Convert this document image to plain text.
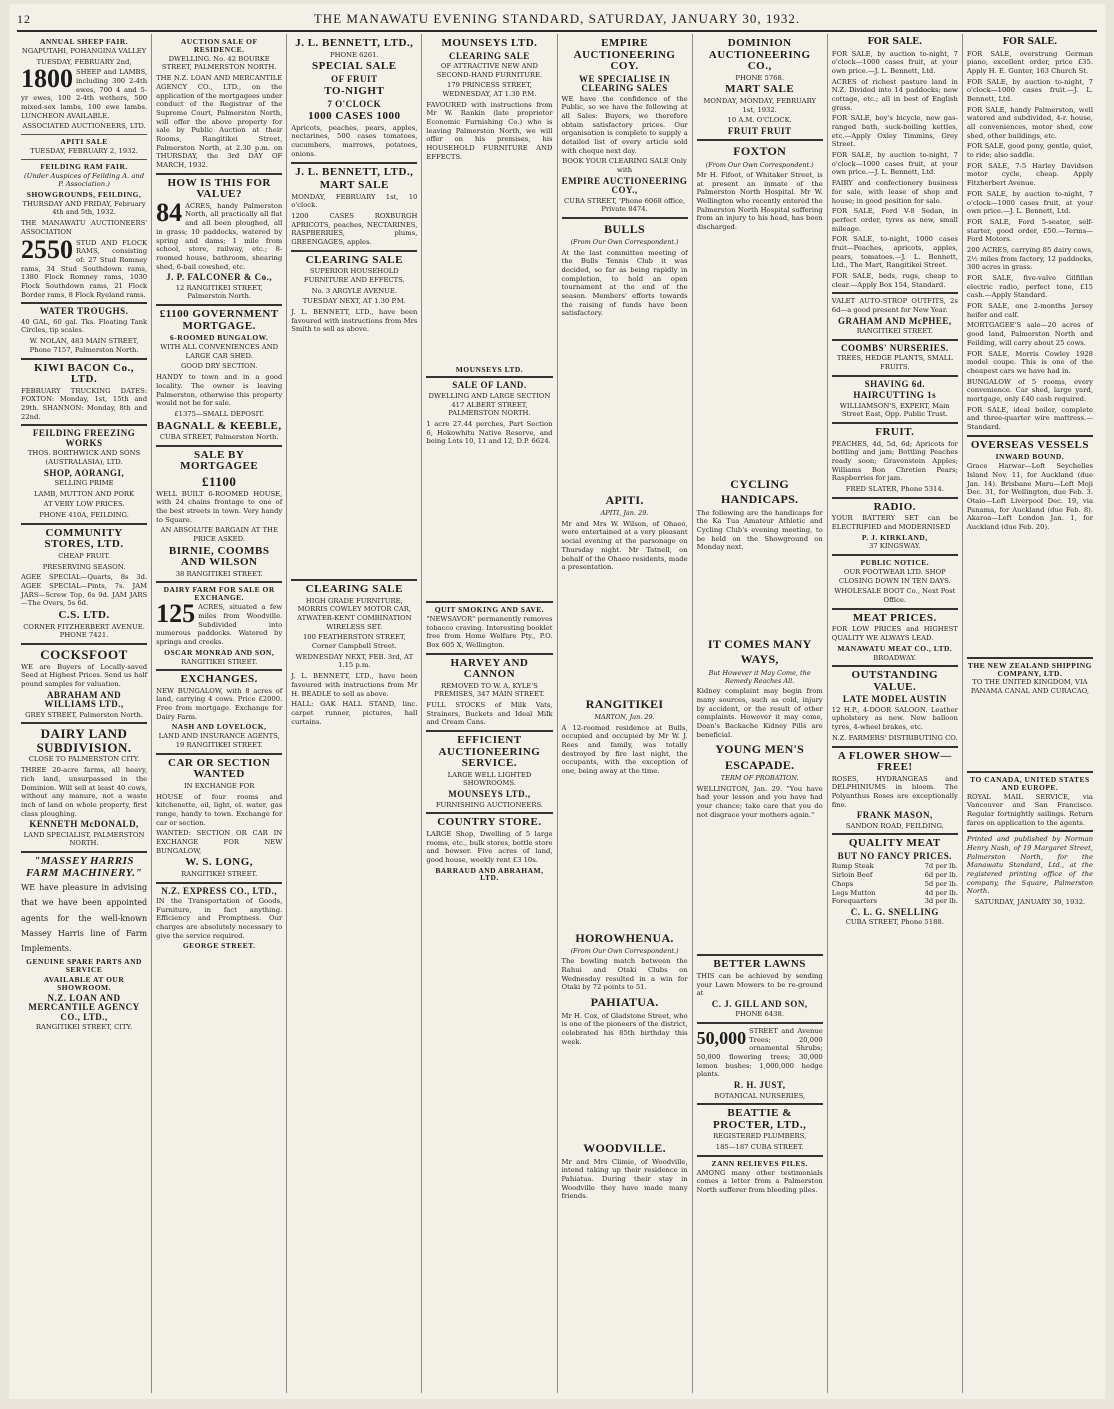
12	THE MANAWATU EVENING STANDARD, SATURDAY, JANUARY 30, 1932.
ANNUAL SHEEP FAIR.
NGAPUTAHI, POHANGINA VALLEY
TUESDAY, FEBRUARY 2nd,
1800 SHEEP and LAMBS, including 300 2-4th ewes, 700 4 and 5-yr ewes, 100 2-4th wethers, 500 mixed-sex lambs, 100 ewe lambs. LUNCHEON AVAILABLE.
ASSOCIATED AUCTIONEERS, LTD.
APITI SALE
TUESDAY, FEBRUARY 2, 1932.
FEILDING RAM FAIR.
(Under Auspices of Feilding A. and P. Association.)
SHOWGROUNDS, FEILDING,
THURSDAY AND FRIDAY, February 4th and 5th, 1932.
THE MANAWATU AUCTIONEERS' ASSOCIATION
2550 STUD AND FLOCK RAMS, consisting of: 27 Stud Romney rams, 34 Stud Southdown rams, 1380 Flock Romney rams, 1030 Flock Southdown rams, 21 Flock Border rams, 8 Flock Ryeland rams.
WATER TROUGHS.
40 GAL, 60 gal. Tks. Floating Tank Circles, tip scales.
W. NOLAN, 483 MAIN STREET, Phone 7157, Palmerston North.
KIWI BACON Co., LTD.
FEBRUARY TRUCKING DATES: FOXTON: Monday, 1st, 15th and 29th. SHANNON: Monday, 8th and 22nd.
FEILDING FREEZING WORKS
THOS. BORTHWICK AND SONS (AUSTRALASIA), LTD.
SHOP, AORANGI,
SELLING PRIME
LAMB, MUTTON AND PORK
AT VERY LOW PRICES.
PHONE 410A, FEILDING.
COMMUNITY STORES, LTD.
CHEAP FRUIT.
PRESERVING SEASON.
AGEE SPECIAL—Quarts, 8s 3d. AGEE SPECIAL—Pints, 7s. JAM JARS—Screw Top, 6s 9d. JAM JARS—The Overs, 5s 6d.
C.S. LTD.
CORNER FITZHERBERT AVENUE. PHONE 7421.
COCKSFOOT
WE are Buyers of Locally-saved Seed at Highest Prices. Send us half pound samples for valuation.
ABRAHAM AND WILLIAMS LTD.,
GREY STREET, Palmerston North.
DAIRY LAND SUBDIVISION.
CLOSE TO PALMERSTON CITY.
THREE 20-acre farms, all heavy, rich land, unsurpassed in the Dominion. Will sell at least 40 cows, without any manure, not a waste inch of land on whole property, first class ploughing.
KENNETH McDONALD,
LAND SPECIALIST, PALMERSTON NORTH.
"MASSEY HARRIS FARM MACHINERY."
WE have pleasure in advising that we have been appointed agents for the well-known Massey Harris line of Farm Implements.
GENUINE SPARE PARTS AND SERVICE
AVAILABLE AT OUR SHOWROOM.
N.Z. LOAN AND MERCANTILE AGENCY CO., LTD.,
RANGITIKEI STREET, CITY.
AUCTION SALE OF RESIDENCE.
DWELLING. No. 42 BOURKE STREET, PALMERSTON NORTH.
THE N.Z. LOAN AND MERCANTILE AGENCY CO., LTD., on the application of the mortgagees under conduct of the Registrar of the Supreme Court, Palmerston North, will offer the above property for sale by Public Auction at their Rooms, Rangitikei Street, Palmerston North, at 2.30 p.m. on THURSDAY, the 3rd DAY OF MARCH, 1932.
HOW IS THIS FOR VALUE?
84 ACRES, handy Palmerston North, all practically all flat and all been ploughed, all in grass; 10 paddocks, watered by spring and dams; 1 mile from school, store, railway, etc.; 8-roomed house, bathroom, shearing shed, 6-bail cowshed, etc.
J. P. FALCONER & Co.,
12 RANGITIKEI STREET, Palmerston North.
£1100 GOVERNMENT MORTGAGE.
6-ROOMED BUNGALOW.
WITH ALL CONVENIENCES AND LARGE CAR SHED.
GOOD DRY SECTION.
HANDY to town and in a good locality. The owner is leaving Palmerston, otherwise this property would not be for sale.
£1375—SMALL DEPOSIT.
BAGNALL & KEEBLE,
CUBA STREET, Palmerston North.
SALE BY MORTGAGEE
£1100
WELL BUILT 6-ROOMED HOUSE, with 24 chains frontage to one of the best streets in town. Very handy to Square.
AN ABSOLUTE BARGAIN AT THE PRICE ASKED.
BIRNIE, COOMBS AND WILSON
38 RANGITIKEI STREET.
DAIRY FARM FOR SALE OR EXCHANGE.
125 ACRES, situated a few miles from Woodville. Subdivided into numerous paddocks. Watered by springs and creeks.
OSCAR MONRAD AND SON,
RANGITIKEI STREET.
EXCHANGES.
NEW BUNGALOW, with 8 acres of land, carrying 4 cows. Price £2000. Free from mortgage. Exchange for Dairy Farm.
NASH AND LOVELOCK,
LAND AND INSURANCE AGENTS, 19 RANGITIKEI STREET.
CAR OR SECTION WANTED
IN EXCHANGE FOR
HOUSE of four rooms and kitchenette, oil, light, el. water, gas range, handy to town. Exchange for car or section.
WANTED: SECTION OR CAR IN EXCHANGE FOR NEW BUNGALOW,
W. S. LONG,
RANGITIKEI STREET.
N.Z. EXPRESS CO., LTD.,
IN the Transportation of Goods, Furniture, in fact anything. Efficiency and Promptness. Our charges are absolutely necessary to give the service required.
GEORGE STREET.
J. L. BENNETT, LTD.,
PHONE 6261.
SPECIAL SALE
OF FRUIT
TO-NIGHT
7 O'CLOCK
1000 CASES 1000
Apricots, peaches, pears, apples, nectarines, 500 cases tomatoes, cucumbers, marrows, potatoes, onions.
J. L. BENNETT, LTD.,
MART SALE
MONDAY, FEBRUARY 1st, 10 o'clock.
1200 CASES ROXBURGH APRICOTS, peaches, NECTARINES, RASPBERRIES, plums, GREENGAGES, apples.
CLEARING SALE
SUPERIOR HOUSEHOLD FURNITURE AND EFFECTS.
No. 3 ARGYLE AVENUE.
TUESDAY NEXT, AT 1.30 P.M.
J. L. BENNETT, LTD., have been favoured with instructions from Mrs Smith to sell as above.
CLEARING SALE
HIGH GRADE FURNITURE, MORRIS COWLEY MOTOR CAR, ATWATER-KENT COMBINATION WIRELESS SET.
100 FEATHERSTON STREET, Corner Campbell Street.
WEDNESDAY NEXT, FEB. 3rd, AT 1.15 p.m.
J. L. BENNETT, LTD., have been favoured with instructions from Mr H. BEADLE to sell as above.
HALL: OAK HALL STAND, linc. carpet runner, pictures, hall curtains.
MOUNSEYS LTD.
CLEARING SALE
OF ATTRACTIVE NEW AND SECOND-HAND FURNITURE.
179 PRINCESS STREET, WEDNESDAY, AT 1.30 P.M.
FAVOURED with instructions from Mr W. Rankin (late proprietor Economic Furnishing Co.) who is leaving Palmerston North, we will offer on his premises, his HOUSEHOLD FURNITURE AND EFFECTS.
MOUNSEYS LTD.
SALE OF LAND.
DWELLING AND LARGE SECTION 417 ALBERT STREET, PALMERSTON NORTH.
1 acre 27.44 perches, Part Section 6, Hokowhitu Native Reserve, and being Lots 10, 11 and 12, D.P. 6624.
QUIT SMOKING AND SAVE.
"NEWSAVOR" permanently removes tobacco craving. Interesting booklet free from Home Welfare Pty., P.O. Box 605 X, Wellington.
HARVEY AND CANNON
REMOVED TO W. A. KYLE'S PREMISES, 347 MAIN STREET.
FULL STOCKS of Milk Vats, Strainers, Buckets and Ideal Milk and Cream Cans.
EFFICIENT AUCTIONEERING SERVICE.
LARGE WELL LIGHTED SHOWROOMS.
MOUNSEYS LTD.,
FURNISHING AUCTIONEERS.
COUNTRY STORE.
LARGE Shop, Dwelling of 5 large rooms, etc., bulk stores, bottle store and bowser. Five acres of land, good house, weekly rent £3 10s.
BARRAUD AND ABRAHAM, LTD.
EMPIRE AUCTIONEERING COY.
WE SPECIALISE IN CLEARING SALES
WE have the confidence of the Public, so we have the following at all Sales: Buyers, we therefore obtain satisfactory prices. Our organisation is complete to supply a detailed list of every article sold with cheque next day.
BOOK YOUR CLEARING SALE Only with
EMPIRE AUCTIONEERING COY.,
CUBA STREET, 'Phone 6068 office, Private 8474.
BULLS
(From Our Own Correspondent.)
At the last committee meeting of the Bulls Tennis Club it was decided, so far as being rapidly in completion, to hold an open tournament at the end of the season. Members' efforts towards the raising of funds have been satisfactory.
APITI.
APITI, Jan. 29.
Mr and Mrs W. Wilson, of Ohaeo, were entertained at a very pleasant social evening at the parsonage on Thursday night. Mr Tatnell, on behalf of the Ohaeo residents, made a presentation.
RANGITIKEI
MARTON, Jan. 29.
A 12-roomed residence at Bulls, occupied and occupied by Mr W. J. Rees and family, was totally destroyed by fire last night, the occupants, with the exception of one, being away at the time.
HOROWHENUA.
(From Our Own Correspondent.)
The bowling match between the Rahui and Otaki Clubs on Wednesday resulted in a win for Otaki by 72 points to 51.
PAHIATUA.
Mr H. Cox, of Gladstone Street, who is one of the pioneers of the district, celebrated his 85th birthday this week.
WOODVILLE.
Mr and Mrs Climie, of Woodville, intend taking up their residence in Pahiatua. During their stay in Woodville they have made many friends.
DOMINION AUCTIONEERING CO.,
PHONE 5768.
MART SALE
MONDAY, MONDAY, FEBRUARY 1st, 1932.
10 A.M. O'CLOCK.
FRUIT FRUIT
FOXTON
(From Our Own Correspondent.)
Mr H. Fifoot, of Whitaker Street, is at present an inmate of the Palmerston North Hospital. Mr W. Wellington who recently entered the Palmerston North Hospital suffering from an injury to his head, has been discharged.
CYCLING HANDICAPS.
The following are the handicaps for the Ka Tua Amateur Athletic and Cycling Club's evening meeting, to be held on the Showground on Monday next.
IT COMES MANY WAYS,
But However it May Come, the Remedy Reaches All.
Kidney complaint may begin from many sources, such as cold, injury by accident, or the result of other complaints. However it may come, Doan's Backache Kidney Pills are beneficial.
YOUNG MEN'S ESCAPADE.
TERM OF PROBATION.
WELLINGTON, Jan. 29. "You have had your lesson and you have had your chance; take care that you do not disgrace your mothers again."
BETTER LAWNS
THIS can be achieved by sending your Lawn Mowers to be re-ground at
C. J. GILL AND SON,
PHONE 6438.
50,000 STREET and Avenue Trees; 20,000 ornamental Shrubs; 50,000 flowering trees; 30,000 lemon bushes; 1,000,000 hedge plants.
R. H. JUST,
BOTANICAL NURSERIES,
BEATTIE & PROCTER, LTD.,
REGISTERED PLUMBERS,
185—187 CUBA STREET.
ZANN RELIEVES PILES.
AMONG many other testimonials comes a letter from a Palmerston North sufferer from bleeding piles.
FOR SALE.
FOR SALE, by auction to-night, 7 o'clock—1000 cases fruit, at your own price.—J. L. Bennett, Ltd.
ACRES of richest pasture land in N.Z. Divided into 14 paddocks; new cottage, etc.; all in best of English grass.
FOR SALE, boy's bicycle, new gas-ranged bath, suck-boiling kettles, etc.—Apply Oxley Timmins, Grey Street.
FOR SALE, by auction to-night, 7 o'clock—1000 cases fruit, at your own price.—J. L. Bennett, Ltd.
FAIRY and confectionery business for sale, with lease of shop and house; in good position for sale.
FOR SALE, Ford V-8 Sedan, in perfect order, tyres as new, small mileage.
FOR SALE, to-night, 1000 cases fruit—Peaches, apricots, apples, pears, tomatoes.—J. L. Bennett, Ltd., The Mart, Rangitikei Street.
FOR SALE, beds, rugs, cheap to clear.—Apply Box 154, Standard.
VALET AUTO-STROP OUTFITS, 2s 6d—a good present for New Year.
GRAHAM AND McPHEE,
RANGITIKEI STREET.
COOMBS' NURSERIES.
TREES, HEDGE PLANTS, SMALL FRUITS.
SHAVING 6d.
HAIRCUTTING 1s
WILLIAMSON'S, EXPERT, Main Street East, Opp. Public Trust.
FRUIT.
PEACHES, 4d, 5d, 6d; Apricots for bottling and jam; Bottling Peaches ready soon; Gravenstein Apples; Williams Bon Chretien Pears; Raspberries for jam.
FRED SLATER, Phone 5314.
RADIO.
YOUR BATTERY SET can be ELECTRIFIED and MODERNISED
P. J. KIRKLAND,
37 KINGSWAY.
PUBLIC NOTICE.
OUR FOOTWEAR LTD. SHOP CLOSING DOWN IN TEN DAYS.
WHOLESALE BOOT Co., Next Post Office.
MEAT PRICES.
FOR LOW PRICES and HIGHEST QUALITY WE ALWAYS LEAD.
MANAWATU MEAT CO., LTD.
BROADWAY.
OUTSTANDING VALUE.
LATE MODEL AUSTIN
12 H.P., 4-DOOR SALOON. Leather upholstery as new. New balloon tyres, 4-wheel brakes, etc.
N.Z. FARMERS' DISTRIBUTING CO.
A FLOWER SHOW—FREE!
ROSES, HYDRANGEAS and DELPHINIUMS in bloom. The Polyanthus Roses are exceptionally fine.
FRANK MASON,
SANDON ROAD, FEILDING.
QUALITY MEAT
BUT NO FANCY PRICES.
Rump Steak	7d per lb.
Sirloin Beef	6d per lb.
Chops	5d per lb.
Legs Mutton	4d per lb.
Forequarters	3d per lb.
C. L. G. SNELLING
CUBA STREET, Phone 5188.
FOR SALE.
FOR SALE, overstrung German piano, excellent order, price £35. Apply H. E. Gunter, 163 Church St.
FOR SALE, by auction to-night, 7 o'clock—1000 cases fruit.—J. L. Bennett, Ltd.
FOR SALE, handy Palmerston, well watered and subdivided, 4-r. house, all conveniences, motor shed, cow shed, other buildings, etc.
FOR SALE, good pony, gentle, quiet, to ride; also saddle.
FOR SALE, 7-5 Harley Davidson motor cycle, cheap. Apply Fitzherbert Avenue.
FOR SALE, by auction to-night, 7 o'clock—1000 cases fruit, at your own price.—J. L. Bennett, Ltd.
FOR SALE, Ford 5-seater, self-starter, good order, £50.—Terms—Ford Motors.
200 ACRES, carrying 85 dairy cows, 2½ miles from factory, 12 paddocks, 300 acres in grass.
FOR SALE, five-valve Gilfillan electric radio, perfect tone, £15 cash.—Apply Standard.
FOR SALE, one 2-months Jersey heifer and calf.
MORTGAGEE'S sale—20 acres of good land, Palmerston North and Feilding, will carry about 25 cows.
FOR SALE, Morris Cowley 1928 model coupe. This is one of the cheapest cars we have had in.
BUNGALOW of 5 rooms, every convenience. Car shed, large yard, mortgage, only £40 cash required.
FOR SALE, ideal boiler, complete and three-quarter wire mattress.—Standard.
OVERSEAS VESSELS
INWARD BOUND.
Grace Harwar—Left Seychelles Island Nov. 11, for Auckland (due Jan. 14). Brisbane Maru—Left Moji Dec. 31, for Wellington, due Feb. 3. Otaio—Left Liverpool Dec. 19, via Panama, for Auckland (due Feb. 8). Akaroa—Left London Jan. 1, for Auckland (due Feb. 20).
THE NEW ZEALAND SHIPPING COMPANY, LTD.
TO THE UNITED KINGDOM, VIA PANAMA CANAL AND CURACAO,
TO CANADA, UNITED STATES AND EUROPE.
ROYAL MAIL SERVICE, via Vancouver and San Francisco. Regular fortnightly sailings. Return fares on application to the agents.
Printed and published by Norman Henry Nash, of 19 Margaret Street, Palmerston North, for the Manawatu Standard, Ltd., at the registered printing office of the company, the Square, Palmerston North.
SATURDAY, JANUARY 30, 1932.
